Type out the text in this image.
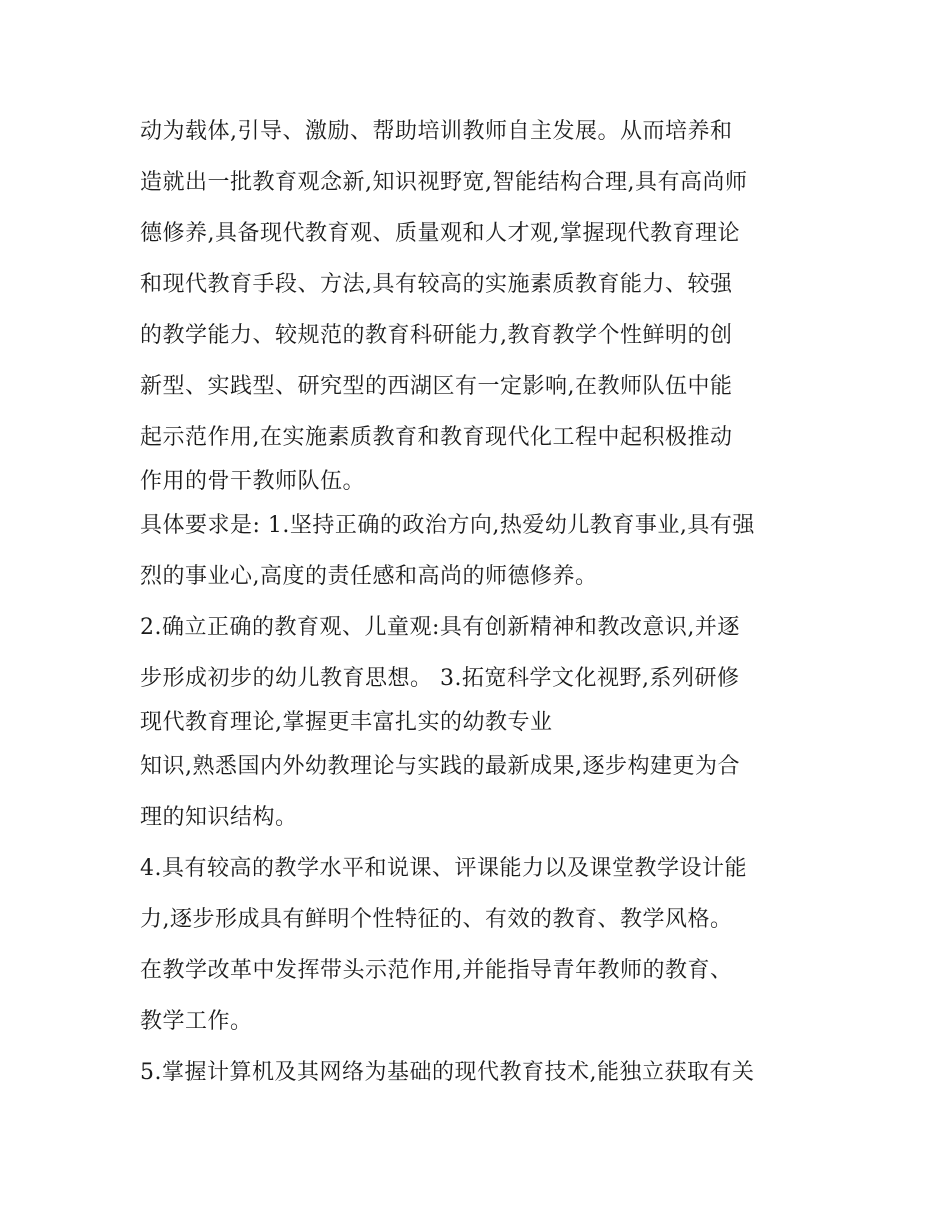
动为载体,引导、激励、帮助培训教师自主发展。从而培养和
造就出一批教育观念新,知识视野宽,智能结构合理,具有高尚师
德修养,具备现代教育观、质量观和人才观,掌握现代教育理论
和现代教育手段、方法,具有较高的实施素质教育能力、较强
的教学能力、较规范的教育科研能力,教育教学个性鲜明的创
新型、实践型、研究型的西湖区有一定影响,在教师队伍中能
起示范作用,在实施素质教育和教育现代化工程中起积极推动
作用的骨干教师队伍。
具体要求是: 1.坚持正确的政治方向,热爱幼儿教育事业,具有强
烈的事业心,高度的责任感和高尚的师德修养。
2.确立正确的教育观、儿童观:具有创新精神和教改意识,并逐
步形成初步的幼儿教育思想。 3.拓宽科学文化视野,系列研修
现代教育理论,掌握更丰富扎实的幼教专业
知识,熟悉国内外幼教理论与实践的最新成果,逐步构建更为合
理的知识结构。
4.具有较高的教学水平和说课、评课能力以及课堂教学设计能
力,逐步形成具有鲜明个性特征的、有效的教育、教学风格。
在教学改革中发挥带头示范作用,并能指导青年教师的教育、
教学工作。
5.掌握计算机及其网络为基础的现代教育技术,能独立获取有关
